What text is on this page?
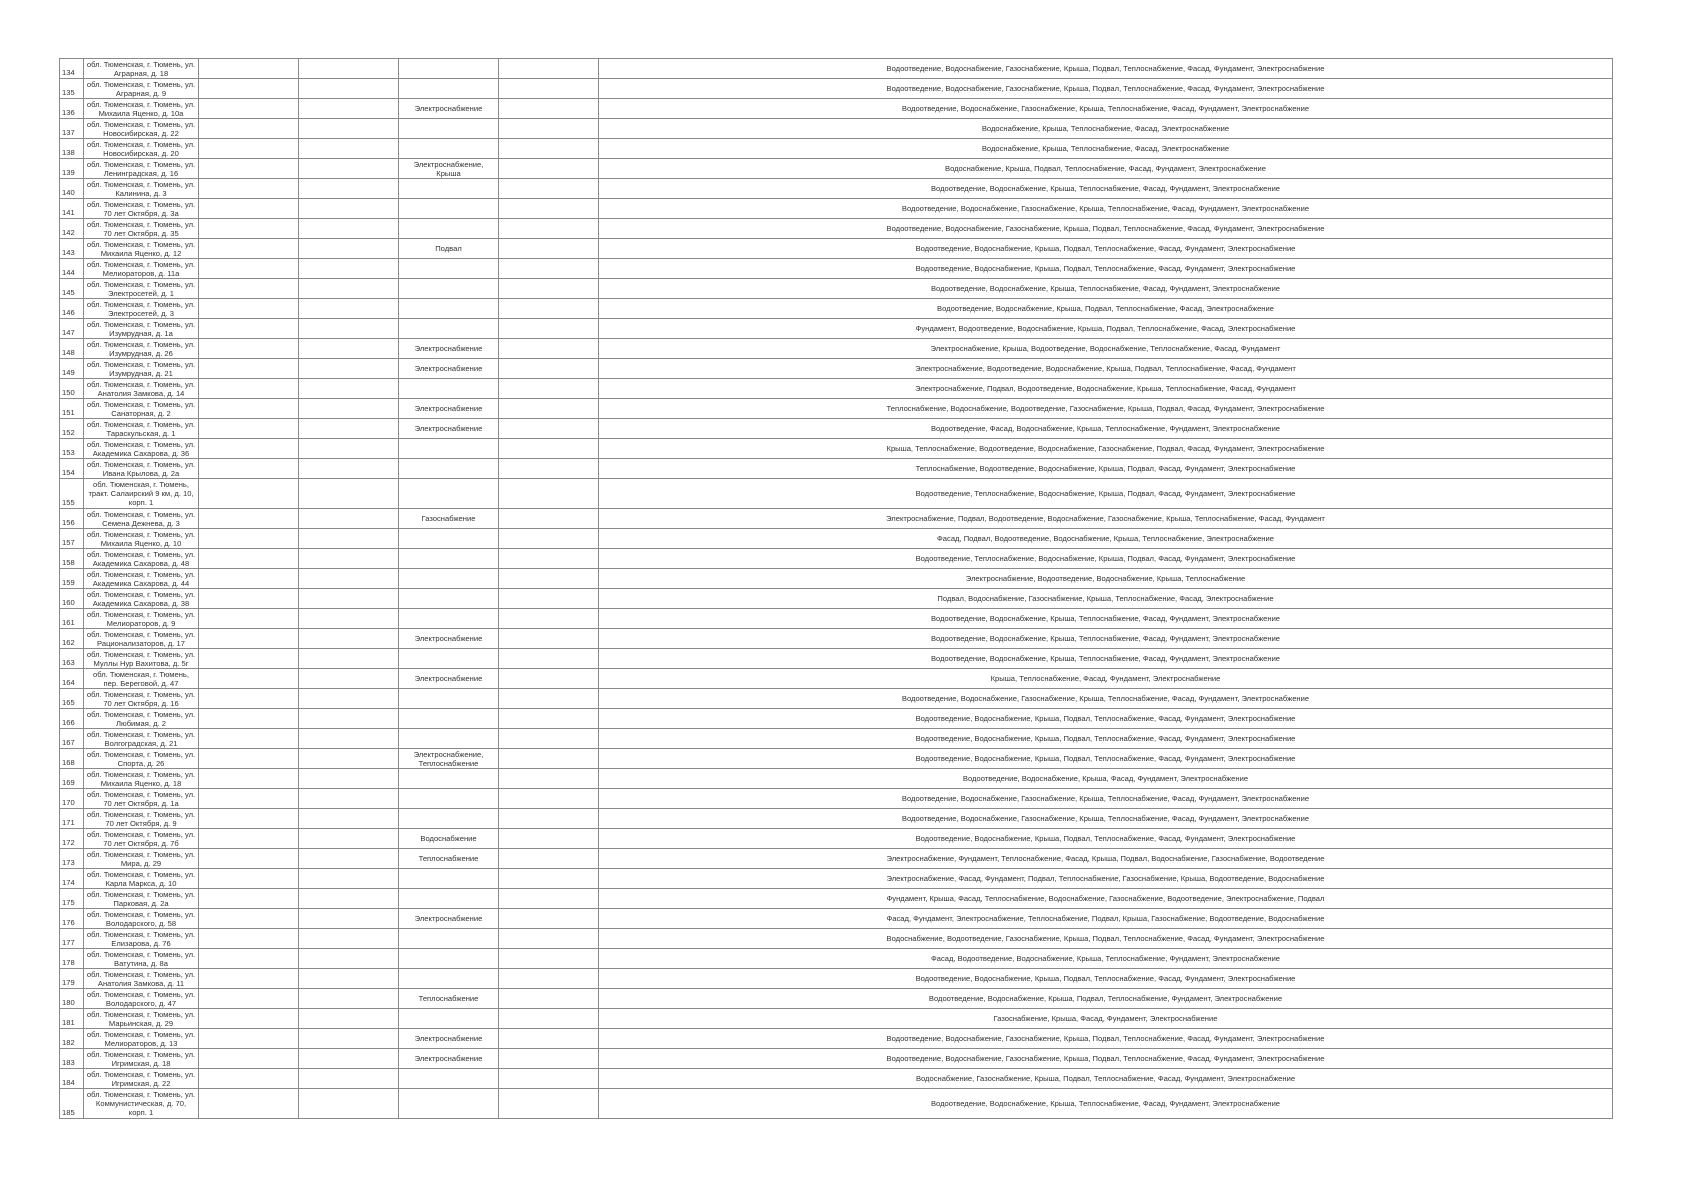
134	обл. Тюменская, г. Тюмень, ул. Аграрная, д. 18					Водоотведение, Водоснабжение, Газоснабжение, Крыша, Подвал, Теплоснабжение, Фасад, Фундамент, Электроснабжение
135	обл. Тюменская, г. Тюмень, ул. Аграрная, д. 9					Водоотведение, Водоснабжение, Газоснабжение, Крыша, Подвал, Теплоснабжение, Фасад, Фундамент, Электроснабжение
136	обл. Тюменская, г. Тюмень, ул. Михаила Яценко, д. 10а			Электроснабжение		Водоотведение, Водоснабжение, Газоснабжение, Крыша, Теплоснабжение, Фасад, Фундамент, Электроснабжение
137	обл. Тюменская, г. Тюмень, ул. Новосибирская, д. 22					Водоснабжение, Крыша, Теплоснабжение, Фасад, Электроснабжение
138	обл. Тюменская, г. Тюмень, ул. Новосибирская, д. 20					Водоснабжение, Крыша, Теплоснабжение, Фасад, Электроснабжение
139	обл. Тюменская, г. Тюмень, ул. Ленинградская, д. 16			Электроснабжение, Крыша		Водоснабжение, Крыша, Подвал, Теплоснабжение, Фасад, Фундамент, Электроснабжение
140	обл. Тюменская, г. Тюмень, ул. Калинина, д. 3					Водоотведение, Водоснабжение, Крыша, Теплоснабжение, Фасад, Фундамент, Электроснабжение
141	обл. Тюменская, г. Тюмень, ул. 70 лет Октября, д. 3а					Водоотведение, Водоснабжение, Газоснабжение, Крыша, Теплоснабжение, Фасад, Фундамент, Электроснабжение
142	обл. Тюменская, г. Тюмень, ул. 70 лет Октября, д. 35					Водоотведение, Водоснабжение, Газоснабжение, Крыша, Подвал, Теплоснабжение, Фасад, Фундамент, Электроснабжение
143	обл. Тюменская, г. Тюмень, ул. Михаила Яценко, д. 12			Подвал		Водоотведение, Водоснабжение, Крыша, Подвал, Теплоснабжение, Фасад, Фундамент, Электроснабжение
144	обл. Тюменская, г. Тюмень, ул. Мелиораторов, д. 11а					Водоотведение, Водоснабжение, Крыша, Подвал, Теплоснабжение, Фасад, Фундамент, Электроснабжение
145	обл. Тюменская, г. Тюмень, ул. Электросетей, д. 1					Водоотведение, Водоснабжение, Крыша, Теплоснабжение, Фасад, Фундамент, Электроснабжение
146	обл. Тюменская, г. Тюмень, ул. Электросетей, д. 3					Водоотведение, Водоснабжение, Крыша, Подвал, Теплоснабжение, Фасад, Электроснабжение
147	обл. Тюменская, г. Тюмень, ул. Изумрудная, д. 1а					Фундамент, Водоотведение, Водоснабжение, Крыша, Подвал, Теплоснабжение, Фасад, Электроснабжение
148	обл. Тюменская, г. Тюмень, ул. Изумрудная, д. 26			Электроснабжение		Электроснабжение, Крыша, Водоотведение, Водоснабжение, Теплоснабжение, Фасад, Фундамент
149	обл. Тюменская, г. Тюмень, ул. Изумрудная, д. 21			Электроснабжение		Электроснабжение, Водоотведение, Водоснабжение, Крыша, Подвал, Теплоснабжение, Фасад, Фундамент
150	обл. Тюменская, г. Тюмень, ул. Анатолия Замкова, д. 14					Электроснабжение, Подвал, Водоотведение, Водоснабжение, Крыша, Теплоснабжение, Фасад, Фундамент
151	обл. Тюменская, г. Тюмень, ул. Санаторная, д. 2			Электроснабжение		Теплоснабжение, Водоснабжение, Водоотведение, Газоснабжение, Крыша, Подвал, Фасад, Фундамент, Электроснабжение
152	обл. Тюменская, г. Тюмень, ул. Тараскульская, д. 1			Электроснабжение		Водоотведение, Фасад, Водоснабжение, Крыша, Теплоснабжение, Фундамент, Электроснабжение
153	обл. Тюменская, г. Тюмень, ул. Академика Сахарова, д. 36					Крыша, Теплоснабжение, Водоотведение, Водоснабжение, Газоснабжение, Подвал, Фасад, Фундамент, Электроснабжение
154	обл. Тюменская, г. Тюмень, ул. Ивана Крылова, д. 2а					Теплоснабжение, Водоотведение, Водоснабжение, Крыша, Подвал, Фасад, Фундамент, Электроснабжение
155	обл. Тюменская, г. Тюмень, тракт. Салаирский 9 км, д. 10, корп. 1					Водоотведение, Теплоснабжение, Водоснабжение, Крыша, Подвал, Фасад, Фундамент, Электроснабжение
156	обл. Тюменская, г. Тюмень, ул. Семена Дежнева, д. 3			Газоснабжение		Электроснабжение, Подвал, Водоотведение, Водоснабжение, Газоснабжение, Крыша, Теплоснабжение, Фасад, Фундамент
157	обл. Тюменская, г. Тюмень, ул. Михаила Яценко, д. 10					Фасад, Подвал, Водоотведение, Водоснабжение, Крыша, Теплоснабжение, Электроснабжение
158	обл. Тюменская, г. Тюмень, ул. Академика Сахарова, д. 48					Водоотведение, Теплоснабжение, Водоснабжение, Крыша, Подвал, Фасад, Фундамент, Электроснабжение
159	обл. Тюменская, г. Тюмень, ул. Академика Сахарова, д. 44					Электроснабжение, Водоотведение, Водоснабжение, Крыша, Теплоснабжение
160	обл. Тюменская, г. Тюмень, ул. Академика Сахарова, д. 38					Подвал, Водоснабжение, Газоснабжение, Крыша, Теплоснабжение, Фасад, Электроснабжение
161	обл. Тюменская, г. Тюмень, ул. Мелиораторов, д. 9					Водоотведение, Водоснабжение, Крыша, Теплоснабжение, Фасад, Фундамент, Электроснабжение
162	обл. Тюменская, г. Тюмень, ул. Рационализаторов, д. 17			Электроснабжение		Водоотведение, Водоснабжение, Крыша, Теплоснабжение, Фасад, Фундамент, Электроснабжение
163	обл. Тюменская, г. Тюмень, ул. Муллы Нур Вахитова, д. 5г					Водоотведение, Водоснабжение, Крыша, Теплоснабжение, Фасад, Фундамент, Электроснабжение
164	обл. Тюменская, г. Тюмень, пер. Береговой, д. 47			Электроснабжение		Крыша, Теплоснабжение, Фасад, Фундамент, Электроснабжение
165	обл. Тюменская, г. Тюмень, ул. 70 лет Октября, д. 16					Водоотведение, Водоснабжение, Газоснабжение, Крыша, Теплоснабжение, Фасад, Фундамент, Электроснабжение
166	обл. Тюменская, г. Тюмень, ул. Любимая, д. 2					Водоотведение, Водоснабжение, Крыша, Подвал, Теплоснабжение, Фасад, Фундамент, Электроснабжение
167	обл. Тюменская, г. Тюмень, ул. Волгоградская, д. 21					Водоотведение, Водоснабжение, Крыша, Подвал, Теплоснабжение, Фасад, Фундамент, Электроснабжение
168	обл. Тюменская, г. Тюмень, ул. Спорта, д. 26			Электроснабжение, Теплоснабжение		Водоотведение, Водоснабжение, Крыша, Подвал, Теплоснабжение, Фасад, Фундамент, Электроснабжение
169	обл. Тюменская, г. Тюмень, ул. Михаила Яценко, д. 18					Водоотведение, Водоснабжение, Крыша, Фасад, Фундамент, Электроснабжение
170	обл. Тюменская, г. Тюмень, ул. 70 лет Октября, д. 1а					Водоотведение, Водоснабжение, Газоснабжение, Крыша, Теплоснабжение, Фасад, Фундамент, Электроснабжение
171	обл. Тюменская, г. Тюмень, ул. 70 лет Октября, д. 9					Водоотведение, Водоснабжение, Газоснабжение, Крыша, Теплоснабжение, Фасад, Фундамент, Электроснабжение
172	обл. Тюменская, г. Тюмень, ул. 70 лет Октября, д. 7б			Водоснабжение		Водоотведение, Водоснабжение, Крыша, Подвал, Теплоснабжение, Фасад, Фундамент, Электроснабжение
173	обл. Тюменская, г. Тюмень, ул. Мира, д. 29			Теплоснабжение		Электроснабжение, Фундамент, Теплоснабжение, Фасад, Крыша, Подвал, Водоснабжение, Газоснабжение, Водоотведение
174	обл. Тюменская, г. Тюмень, ул. Карла Маркса, д. 10					Электроснабжение, Фасад, Фундамент, Подвал, Теплоснабжение, Газоснабжение, Крыша, Водоотведение, Водоснабжение
175	обл. Тюменская, г. Тюмень, ул. Парковая, д. 2а					Фундамент, Крыша, Фасад, Теплоснабжение, Водоснабжение, Газоснабжение, Водоотведение, Электроснабжение, Подвал
176	обл. Тюменская, г. Тюмень, ул. Володарского, д. 58			Электроснабжение		Фасад, Фундамент, Электроснабжение, Теплоснабжение, Подвал, Крыша, Газоснабжение, Водоотведение, Водоснабжение
177	обл. Тюменская, г. Тюмень, ул. Елизарова, д. 76					Водоснабжение, Водоотведение, Газоснабжение, Крыша, Подвал, Теплоснабжение, Фасад, Фундамент, Электроснабжение
178	обл. Тюменская, г. Тюмень, ул. Ватутина, д. 8а					Фасад, Водоотведение, Водоснабжение, Крыша, Теплоснабжение, Фундамент, Электроснабжение
179	обл. Тюменская, г. Тюмень, ул. Анатолия Замкова, д. 11					Водоотведение, Водоснабжение, Крыша, Подвал, Теплоснабжение, Фасад, Фундамент, Электроснабжение
180	обл. Тюменская, г. Тюмень, ул. Володарского, д. 47			Теплоснабжение		Водоотведение, Водоснабжение, Крыша, Подвал, Теплоснабжение, Фундамент, Электроснабжение
181	обл. Тюменская, г. Тюмень, ул. Марьинская, д. 29					Газоснабжение, Крыша, Фасад, Фундамент, Электроснабжение
182	обл. Тюменская, г. Тюмень, ул. Мелиораторов, д. 13			Электроснабжение		Водоотведение, Водоснабжение, Газоснабжение, Крыша, Подвал, Теплоснабжение, Фасад, Фундамент, Электроснабжение
183	обл. Тюменская, г. Тюмень, ул. Игримская, д. 18			Электроснабжение		Водоотведение, Водоснабжение, Газоснабжение, Крыша, Подвал, Теплоснабжение, Фасад, Фундамент, Электроснабжение
184	обл. Тюменская, г. Тюмень, ул. Игримская, д. 22					Водоснабжение, Газоснабжение, Крыша, Подвал, Теплоснабжение, Фасад, Фундамент, Электроснабжение
185	обл. Тюменская, г. Тюмень, ул. Коммунистическая, д. 70, корп. 1					Водоотведение, Водоснабжение, Крыша, Теплоснабжение, Фасад, Фундамент, Электроснабжение
